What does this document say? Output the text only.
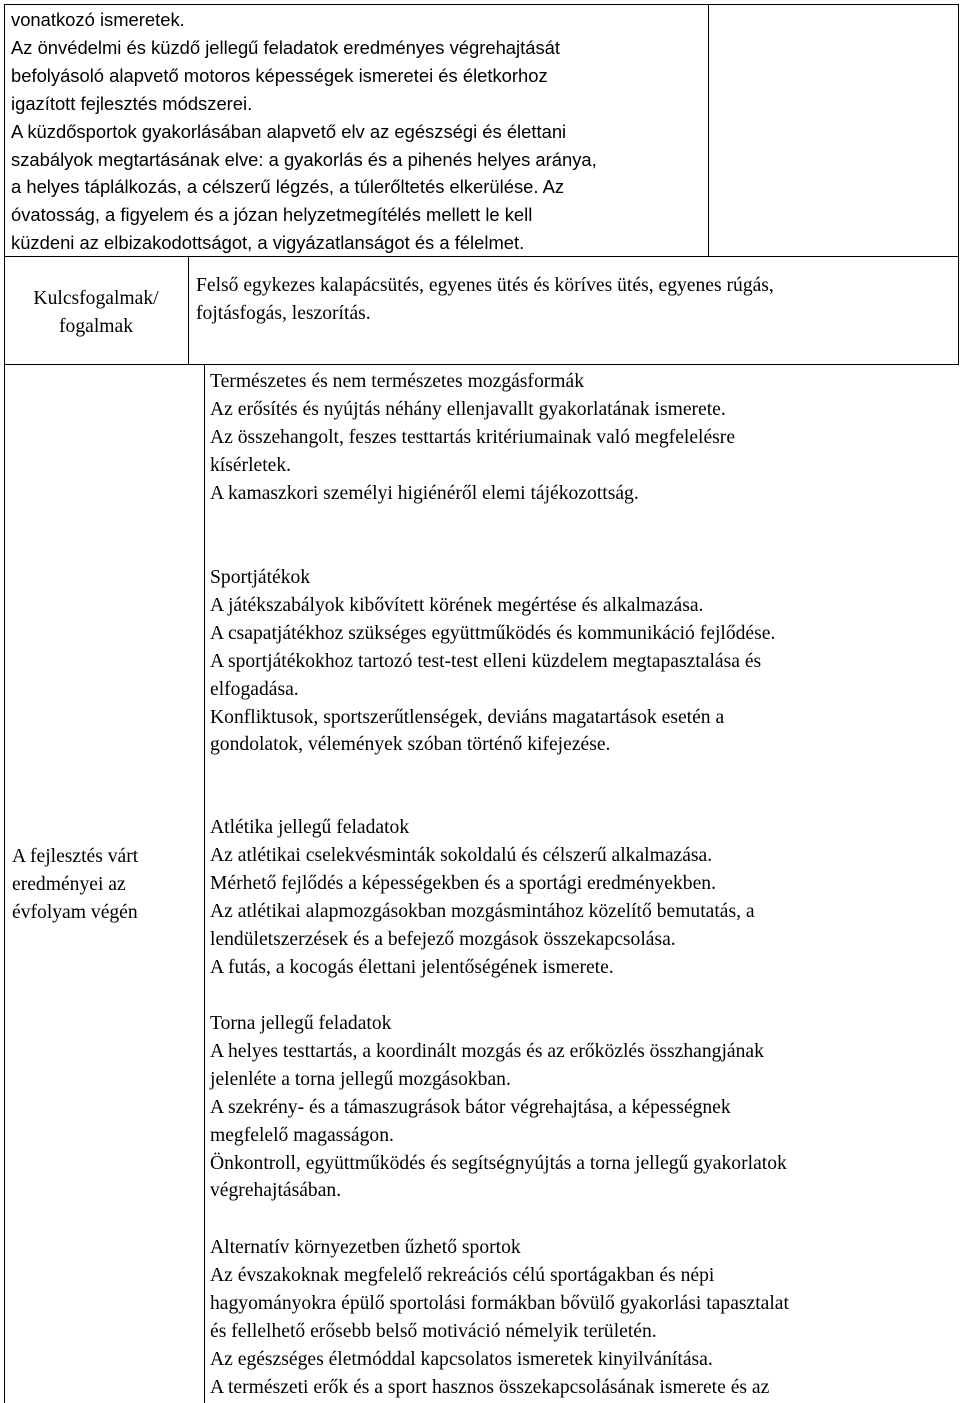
vonatkozó ismeretek.
Az önvédelmi és küzdő jellegű feladatok eredményes végrehajtását
befolyásoló alapvető motoros képességek ismeretei és életkorhoz
igazított fejlesztés módszerei.
A küzdősportok gyakorlásában alapvető elv az egészségi és élettani
szabályok megtartásának elve: a gyakorlás és a pihenés helyes aránya,
a helyes táplálkozás, a célszerű légzés, a túlerőltetés elkerülése. Az
óvatosság, a figyelem és a józan helyzetmegítélés mellett le kell
küzdeni az elbizakodottságot, a vigyázatlanságot és a félelmet.
Kulcsfogalmak/
fogalmak
Felső egykezes kalapácsütés, egyenes ütés és köríves ütés, egyenes rúgás,
fojtásfogás, leszorítás.
A fejlesztés várt
eredményei az
évfolyam végén
Természetes és nem természetes mozgásformák
Az erősítés és nyújtás néhány ellenjavallt gyakorlatának ismerete.
Az összehangolt, feszes testtartás kritériumainak való megfelelésre
kísérletek.
A kamaszkori személyi higiénéről elemi tájékozottság.
Sportjátékok
A játékszabályok kibővített körének megértése és alkalmazása.
A csapatjátékhoz szükséges együttműködés és kommunikáció fejlődése.
A sportjátékokhoz tartozó test-test elleni küzdelem megtapasztalása és
elfogadása.
Konfliktusok, sportszerűtlenségek, deviáns magatartások esetén a
gondolatok, vélemények szóban történő kifejezése.
Atlétika jellegű feladatok
Az atlétikai cselekvésminták sokoldalú és célszerű alkalmazása.
Mérhető fejlődés a képességekben és a sportági eredményekben.
Az atlétikai alapmozgásokban mozgásmintához közelítő bemutatás, a
lendületszerzések és a befejező mozgások összekapcsolása.
A futás, a kocogás élettani jelentőségének ismerete.
Torna jellegű feladatok
A helyes testtartás, a koordinált mozgás és az erőközlés összhangjának
jelenléte a torna jellegű mozgásokban.
A szekrény- és a támaszugrások bátor végrehajtása, a képességnek
megfelelő magasságon.
Önkontroll, együttműködés és segítségnyújtás a torna jellegű gyakorlatok
végrehajtásában.
Alternatív környezetben űzhető sportok
Az évszakoknak megfelelő rekreációs célú sportágakban és népi
hagyományokra épülő sportolási formákban bővülő gyakorlási tapasztalat
és fellelhető erősebb belső motiváció némelyik területén.
Az egészséges életmóddal kapcsolatos ismeretek kinyilvánítása.
A természeti erők és a sport hasznos összekapcsolásának ismerete és az
